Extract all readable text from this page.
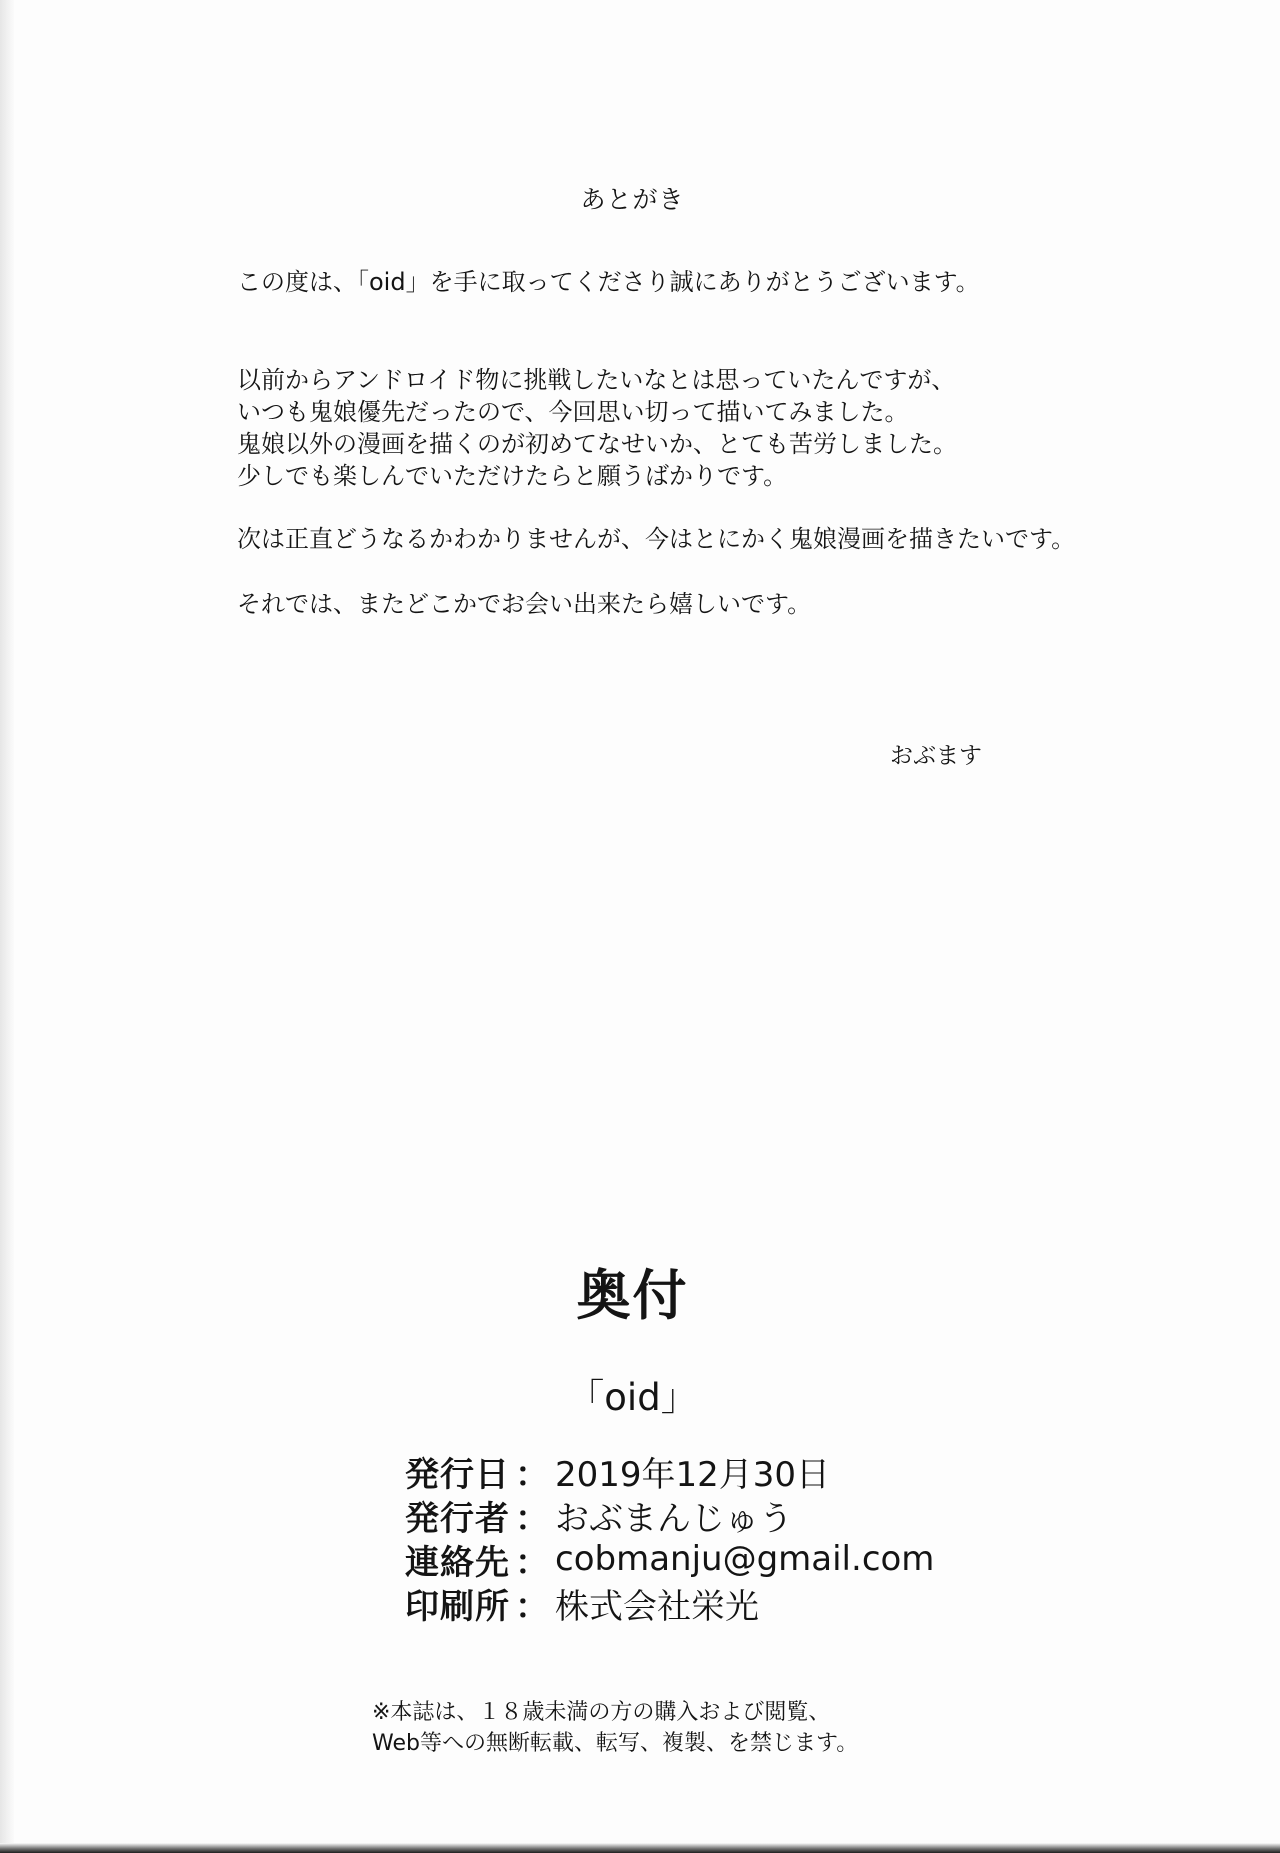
あとがき
この度は、「oid」を手に取ってくださり誠にありがとうございます。
以前からアンドロイド物に挑戦したいなとは思っていたんですが、
いつも鬼娘優先だったので、今回思い切って描いてみました。
鬼娘以外の漫画を描くのが初めてなせいか、とても苦労しました。
少しでも楽しんでいただけたらと願うばかりです。
次は正直どうなるかわかりませんが、今はとにかく鬼娘漫画を描きたいです。
それでは、またどこかでお会い出来たら嬉しいです。
おぶます
奥付
「oid」
発行日 ： 2019年12月30日
発行者 ： おぶまんじゅう
連絡先 ： cobmanju@gmail.com
印刷所 ： 株式会社栄光
※本誌は、１８歳未満の方の購入および閲覧、
Web等への無断転載、転写、複製、を禁じます。
